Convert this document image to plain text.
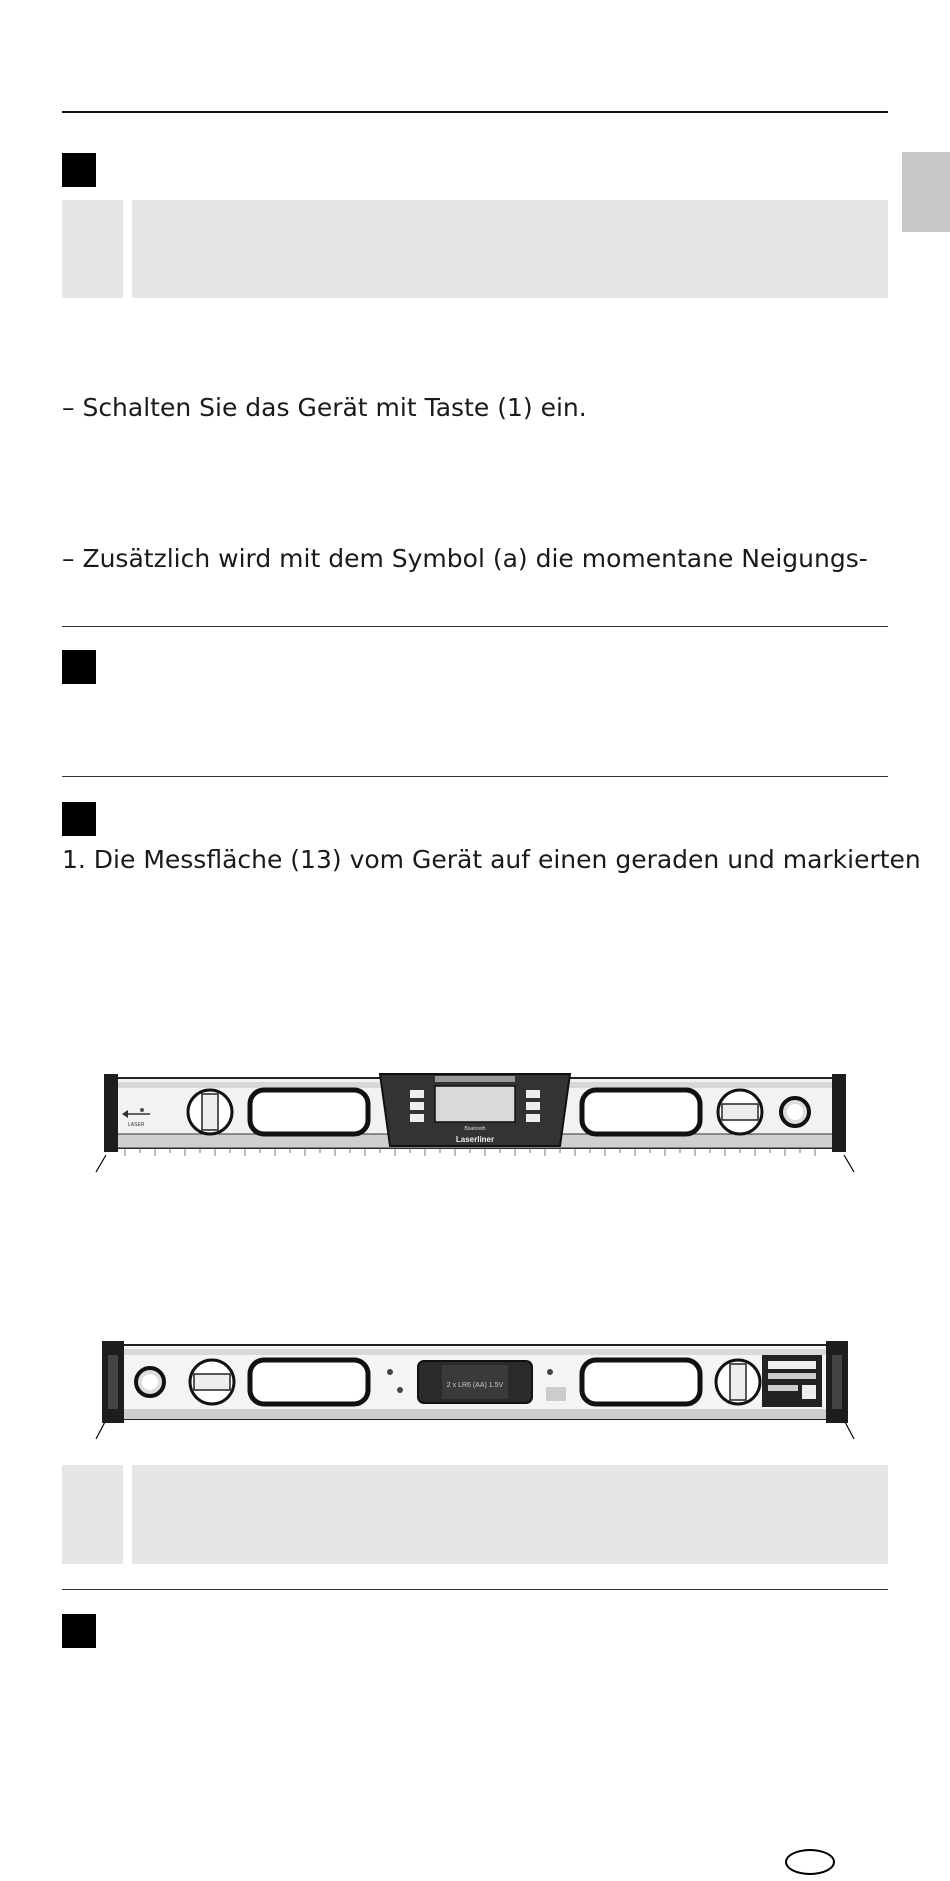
– Schalten Sie das Gerät mit Taste (1) ein.
– Zusätzlich wird mit dem Symbol (a) die momentane Neigungs-
1. Die Messfläche (13) vom Gerät auf einen geraden und markierten
LASER
Bluetooth
Laserliner
2 x LR6 (AA) 1.5V
